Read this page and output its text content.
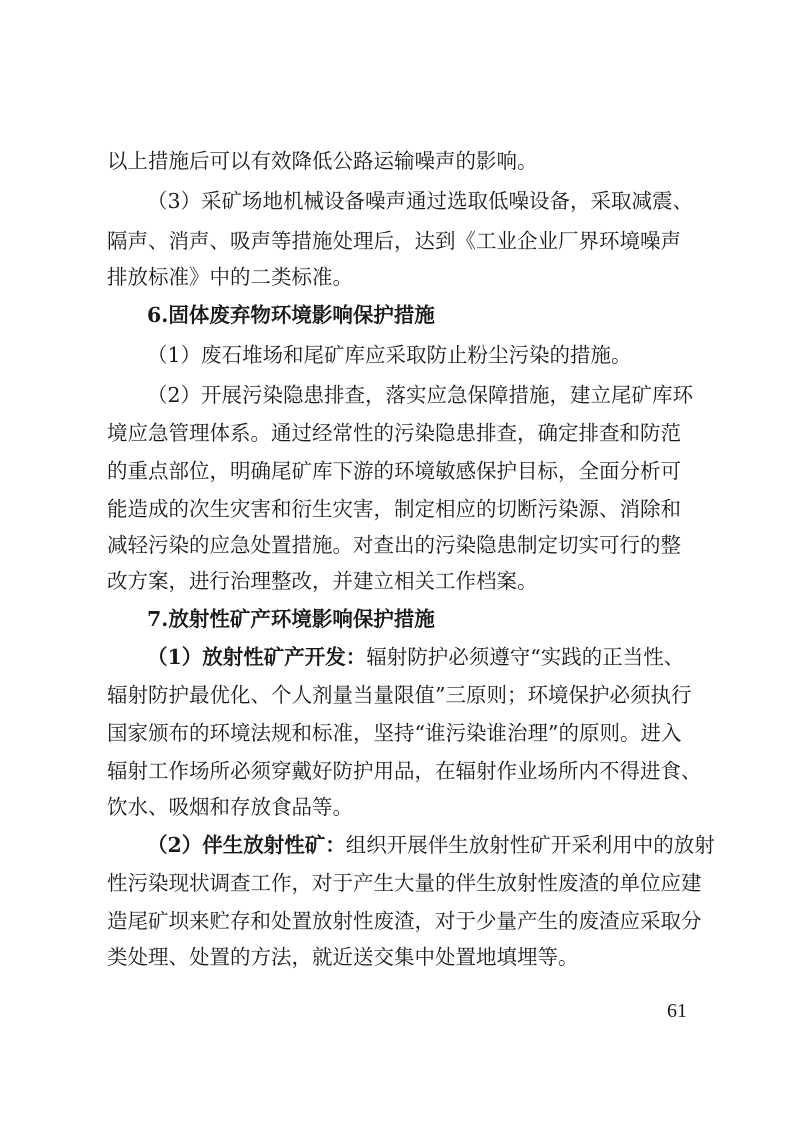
以上措施后可以有效降低公路运输噪声的影响。
（3）采矿场地机械设备噪声通过选取低噪设备，采取减震、
隔声、消声、吸声等措施处理后，达到《工业企业厂界环境噪声
排放标准》中的二类标准。
6.固体废弃物环境影响保护措施
（1）废石堆场和尾矿库应采取防止粉尘污染的措施。
（2）开展污染隐患排查，落实应急保障措施，建立尾矿库环
境应急管理体系。通过经常性的污染隐患排查，确定排查和防范
的重点部位，明确尾矿库下游的环境敏感保护目标，全面分析可
能造成的次生灾害和衍生灾害，制定相应的切断污染源、消除和
减轻污染的应急处置措施。对查出的污染隐患制定切实可行的整
改方案，进行治理整改，并建立相关工作档案。
7.放射性矿产环境影响保护措施
（1）放射性矿产开发：辐射防护必须遵守“实践的正当性、
辐射防护最优化、个人剂量当量限值”三原则；环境保护必须执行
国家颁布的环境法规和标准，坚持“谁污染谁治理”的原则。进入
辐射工作场所必须穿戴好防护用品，在辐射作业场所内不得进食、
饮水、吸烟和存放食品等。
（2）伴生放射性矿：组织开展伴生放射性矿开采利用中的放射
性污染现状调查工作，对于产生大量的伴生放射性废渣的单位应建
造尾矿坝来贮存和处置放射性废渣，对于少量产生的废渣应采取分
类处理、处置的方法，就近送交集中处置地填埋等。
61
